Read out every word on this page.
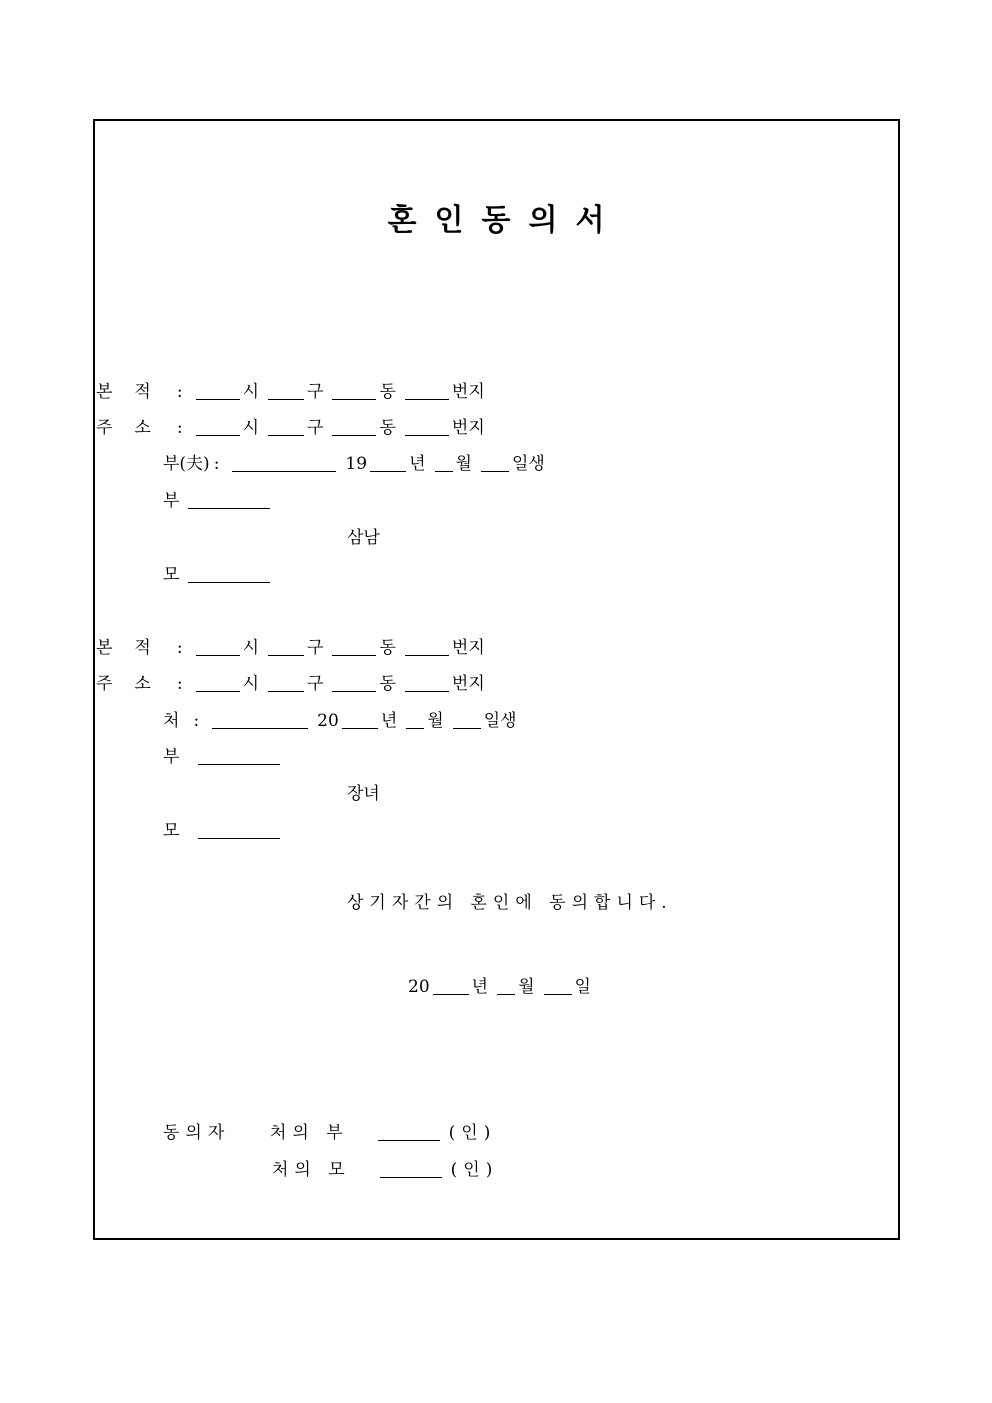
혼인동의서
본적 :	시	구	동	번지
주소 :	시	구	동	번지
부(夫) :	19 년 월 일생
부
삼남
모
본적 :	시	구	동	번지
주소 :	시	구	동	번지
처 :	20 년 월 일생
부
장녀
모
상기자간의 혼인에 동의합니다.
20 년 월 일
동의자 처의 부	(인)
처의 모	(인)
